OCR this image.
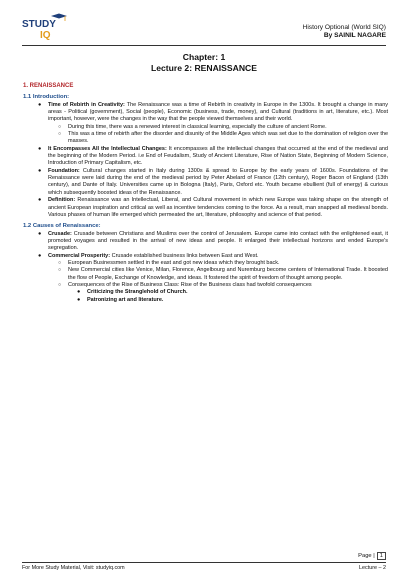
STUDY
IQ
History Optional (World SIQ)
By SAINIL NAGARE
Chapter: 1
Lecture 2: RENAISSANCE

1. RENAISSANCE

1.1 Introduction:

● Time of Rebirth in Creativity: The Renaissance was a time of Rebirth in creativity in Europe in the 1300s. It brought a change in many areas - Political (government), Social (people), Economic (business, trade, money), and Cultural (traditions in art, literature, etc.). Most important, however, were the changes in the way that the people viewed themselves and their world.
○ During this time, there was a renewed interest in classical learning, especially the culture of ancient Rome.
○ This was a time of rebirth after the disorder and disunity of the Middle Ages which was set due to the domination of religion over the masses.
● It Encompasses All the Intellectual Changes: It encompasses all the intellectual changes that occurred at the end of the medieval and the beginning of the Modern Period. i.e End of Feudalism, Study of Ancient Literature, Rise of Nation State, Beginning of Modern Science, Introduction of Primary Capitalism, etc.
● Foundation: Cultural changes started in Italy during 1300s & spread to Europe by the early years of 1600s. Foundations of the Renaissance were laid during the end of the medieval period by Peter Abelard of France (12th century), Roger Bacon of England (13th century), and Dante of Italy. Universities came up in Bologna (Italy), Paris, Oxford etc. Youth became ebullient (full of energy) & curious which subsequently boosted ideas of the Renaissance.
● Definition: Renaissance was an Intellectual, Liberal, and Cultural movement in which new Europe was taking shape on the strength of ancient European inspiration and critical as well as incentive tendencies coming to the force. As a result, man snapped all medieval bonds. Various phases of human life emerged which permeated the art, literature, philosophy and science of that period.

1.2 Causes of Renaissance:

● Crusade: Crusade between Christians and Muslims over the control of Jerusalem. Europe came into contact with the enlightened east, it promoted voyages and resulted in the arrival of new ideas and people. It enlarged their intellectual horizons and ended Europe's segregation.
● Commercial Prosperity: Crusade established business links between East and West.
○ European Businessmen settled in the east and got new ideas which they brought back.
○ New Commercial cities like Venice, Milan, Florence, Angelbourg and Nuremburg become centers of International Trade. It boosted the flow of People, Exchange of Knowledge, and ideas. It fostered the spirit of freedom of thought among people.
○ Consequences of the Rise of Business Class: Rise of the Business class had twofold consequences
● Criticizing the Stranglehold of Church.
● Patronizing art and literature.
Page | 1
For More Study Material, Visit: studyiq.com	Lecture – 2
